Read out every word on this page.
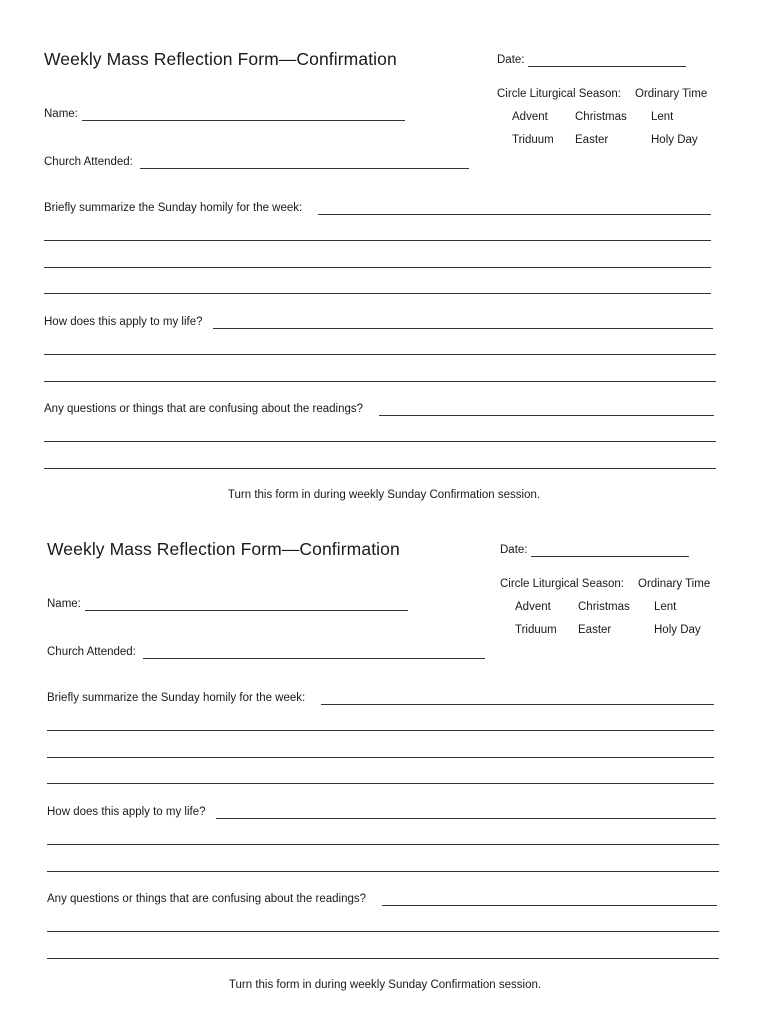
Weekly Mass Reflection Form—Confirmation	Date:
Circle Liturgical Season: Ordinary Time
Advent Christmas Lent
Triduum Easter	Holy Day
Name:
Church Attended:
Briefly summarize the Sunday homily for the week:
How does this apply to my life?
Any questions or things that are confusing about the readings?
Turn this form in during weekly Sunday Confirmation session.
Weekly Mass Reflection Form—Confirmation	Date:
Circle Liturgical Season: Ordinary Time
Advent Christmas Lent
Triduum Easter	Holy Day
Name:
Church Attended:
Briefly summarize the Sunday homily for the week:
How does this apply to my life?
Any questions or things that are confusing about the readings?
Turn this form in during weekly Sunday Confirmation session.
